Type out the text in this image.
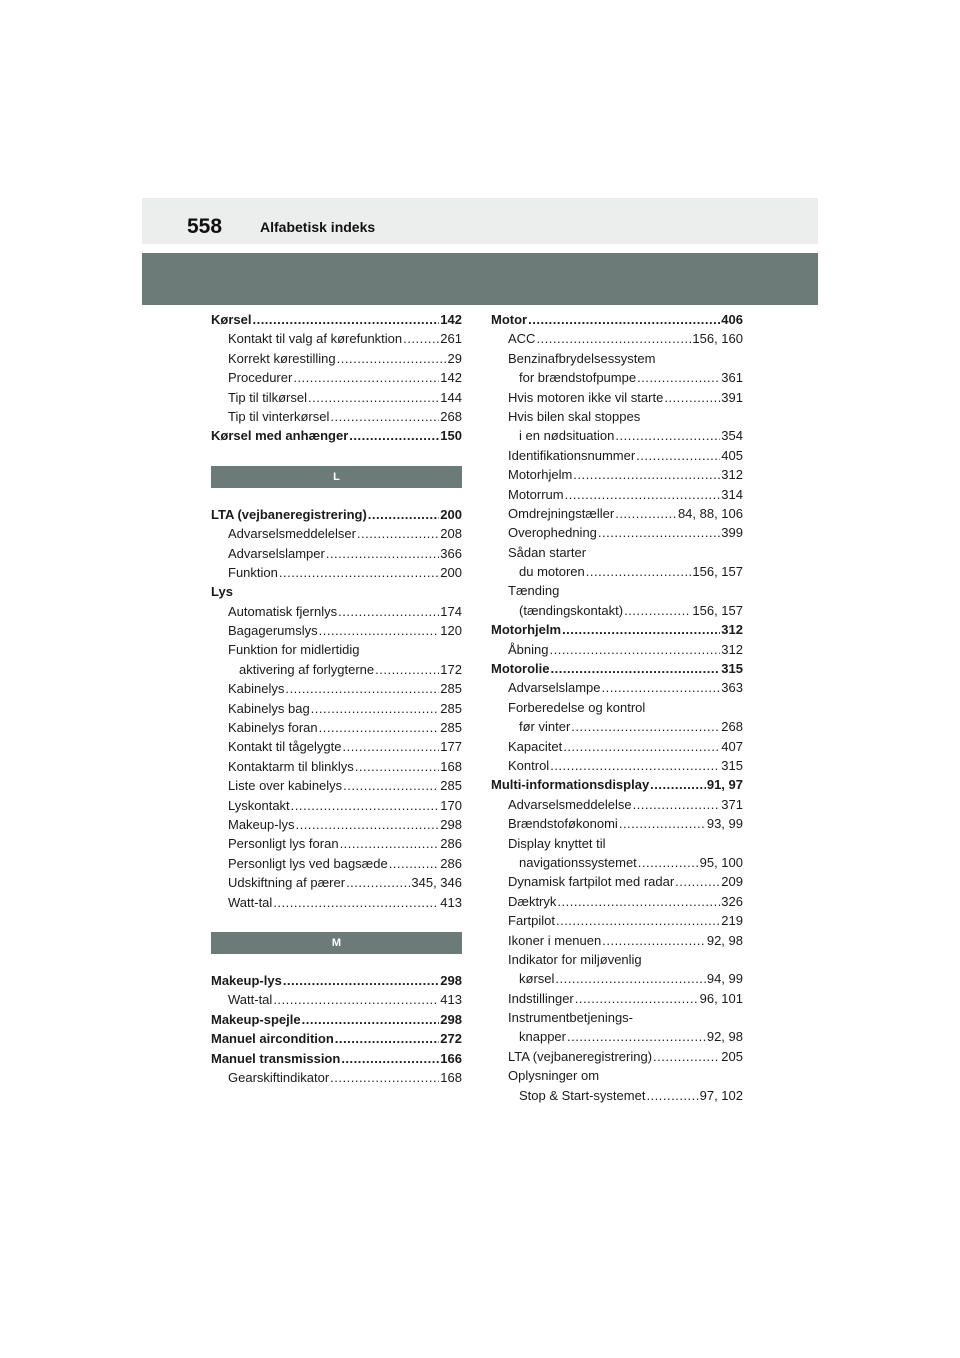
558	Alfabetisk indeks
Kørsel .....	142
Kontakt til valg af kørefunktion .....	261
Korrekt kørestilling .....	29
Procedurer .....	142
Tip til tilkørsel .....	144
Tip til vinterkørsel .....	268
Kørsel med anhænger .....	150
L
LTA (vejbaneregistrering) .....	200
Advarselsmeddelelser .....	208
Advarselslamper .....	366
Funktion .....	200
Lys
Automatisk fjernlys .....	174
Bagagerumslys .....	120
Funktion for midlertidig
aktivering af forlygterne .....	172
Kabinelys .....	285
Kabinelys bag .....	285
Kabinelys foran .....	285
Kontakt til tågelygte .....	177
Kontaktarm til blinklys .....	168
Liste over kabinelys .....	285
Lyskontakt .....	170
Makeup-lys .....	298
Personligt lys foran .....	286
Personligt lys ved bagsæde .....	286
Udskiftning af pærer .....	345, 346
Watt-tal .....	413
M
Makeup-lys .....	298
Watt-tal .....	413
Makeup-spejle .....	298
Manuel aircondition .....	272
Manuel transmission .....	166
Gearskiftindikator .....	168
Motor .....	406
ACC .....	156, 160
Benzinafbrydelsessystem
for brændstofpumpe .....	361
Hvis motoren ikke vil starte .....	391
Hvis bilen skal stoppes
i en nødsituation .....	354
Identifikationsnummer .....	405
Motorhjelm .....	312
Motorrum .....	314
Omdrejningstæller .....	84, 88, 106
Overophedning .....	399
Sådan starter
du motoren .....	156, 157
Tænding
(tændingskontakt) .....	156, 157
Motorhjelm .....	312
Åbning .....	312
Motorolie .....	315
Advarselslampe .....	363
Forberedelse og kontrol
før vinter .....	268
Kapacitet .....	407
Kontrol .....	315
Multi-informationsdisplay .....	91, 97
Advarselsmeddelelse .....	371
Brændstoføkonomi .....	93, 99
Display knyttet til
navigationssystemet .....	95, 100
Dynamisk fartpilot med radar .....	209
Dæktryk .....	326
Fartpilot .....	219
Ikoner i menuen .....	92, 98
Indikator for miljøvenlig
kørsel .....	94, 99
Indstillinger .....	96, 101
Instrumentbetjenings-
knapper .....	92, 98
LTA (vejbaneregistrering) .....	205
Oplysninger om
Stop & Start-systemet .....	97, 102
